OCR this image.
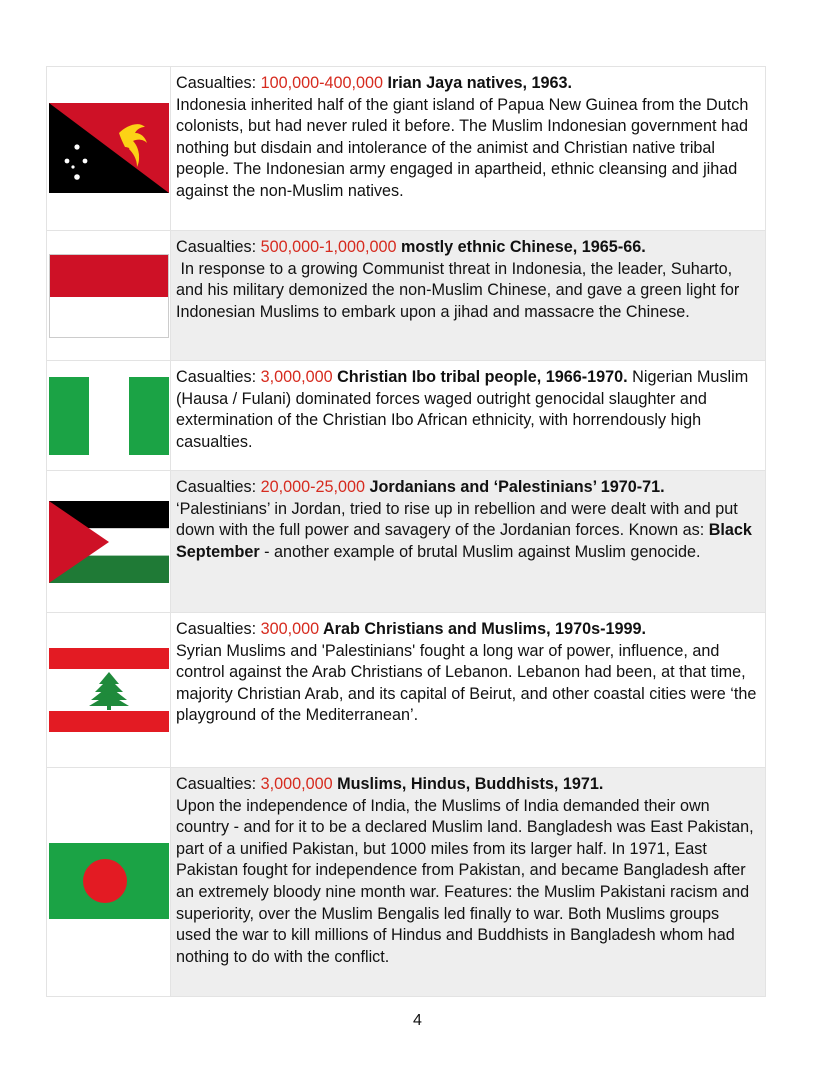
Casualties: 100,000-400,000 Irian Jaya natives, 1963.
Indonesia inherited half of the giant island of Papua New Guinea from the Dutch colonists, but had never ruled it before. The Muslim Indonesian government had nothing but disdain and intolerance of the animist and Christian native tribal people. The Indonesian army engaged in apartheid, ethnic cleansing and jihad against the non-Muslim natives.
Casualties: 500,000-1,000,000 mostly ethnic Chinese, 1965-66.
In response to a growing Communist threat in Indonesia, the leader, Suharto, and his military demonized the non-Muslim Chinese, and gave a green light for Indonesian Muslims to embark upon a jihad and massacre the Chinese.
Casualties: 3,000,000 Christian Ibo tribal people, 1966-1970. Nigerian Muslim (Hausa / Fulani) dominated forces waged outright genocidal slaughter and extermination of the Christian Ibo African ethnicity, with horrendously high casualties.
Casualties: 20,000-25,000 Jordanians and ‘Palestinians’ 1970-71.
‘Palestinians’ in Jordan, tried to rise up in rebellion and were dealt with and put down with the full power and savagery of the Jordanian forces. Known as: Black September - another example of brutal Muslim against Muslim genocide.
Casualties: 300,000 Arab Christians and Muslims, 1970s-1999.
Syrian Muslims and 'Palestinians' fought a long war of power, influence, and control against the Arab Christians of Lebanon. Lebanon had been, at that time, majority Christian Arab, and its capital of Beirut, and other coastal cities were ‘the playground of the Mediterranean’.
Casualties: 3,000,000 Muslims, Hindus, Buddhists, 1971.
Upon the independence of India, the Muslims of India demanded their own country - and for it to be a declared Muslim land. Bangladesh was East Pakistan, part of a unified Pakistan, but 1000 miles from its larger half. In 1971, East Pakistan fought for independence from Pakistan, and became Bangladesh after an extremely bloody nine month war. Features: the Muslim Pakistani racism and superiority, over the Muslim Bengalis led finally to war. Both Muslims groups used the war to kill millions of Hindus and Buddhists in Bangladesh whom had nothing to do with the conflict.
4
